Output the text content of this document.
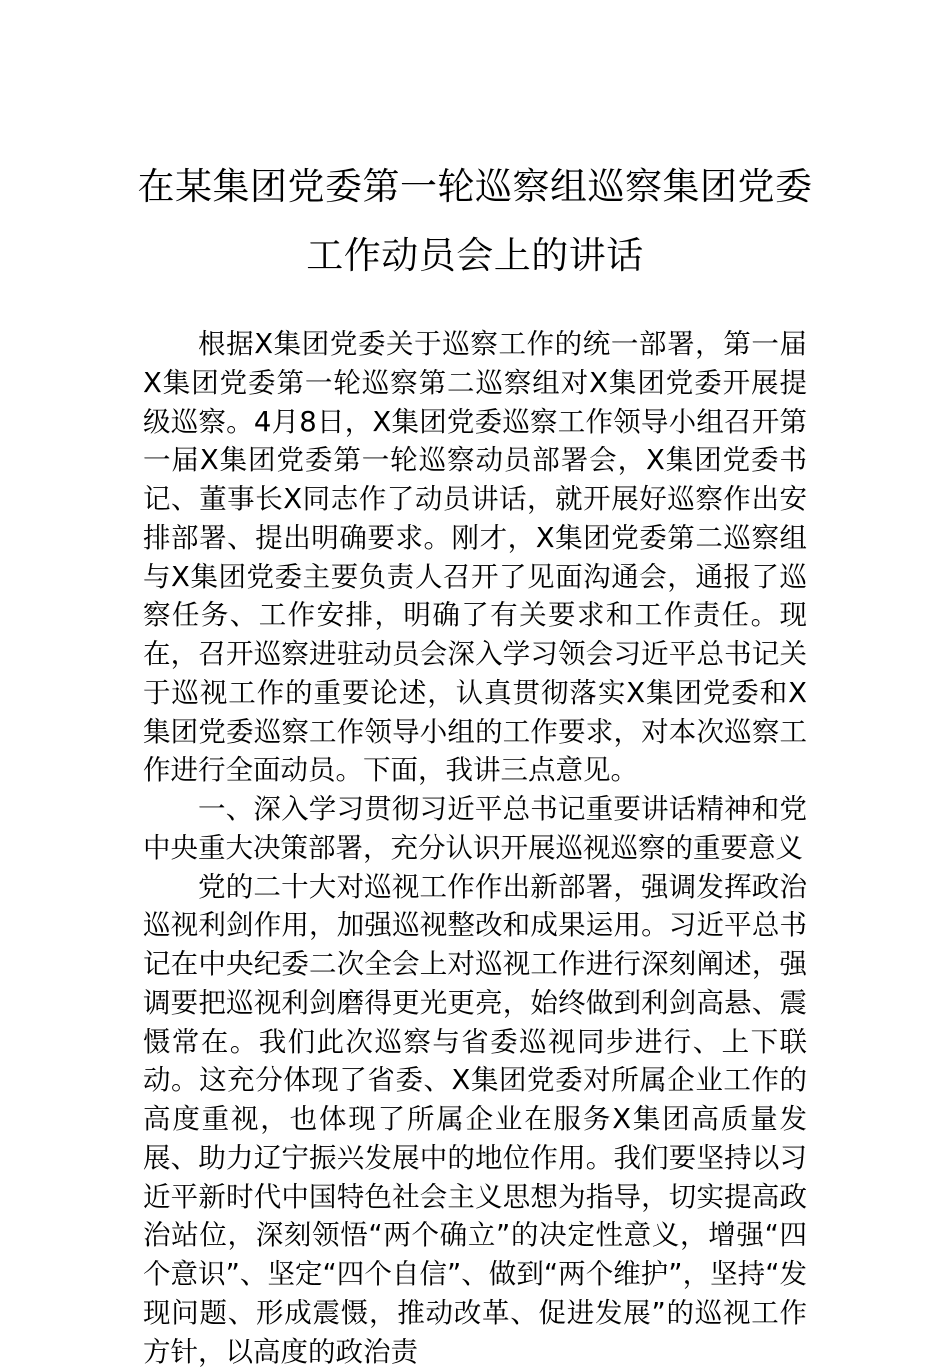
在某集团党委第一轮巡察组巡察集团党委
工作动员会上的讲话

根据X集团党委关于巡察工作的统一部署，第一届X集团党委第一轮巡察第二巡察组对X集团党委开展提级巡察。4月8日，X集团党委巡察工作领导小组召开第一届X集团党委第一轮巡察动员部署会，X集团党委书记、董事长X同志作了动员讲话，就开展好巡察作出安排部署、提出明确要求。刚才，X集团党委第二巡察组与X集团党委主要负责人召开了见面沟通会，通报了巡察任务、工作安排，明确了有关要求和工作责任。现在，召开巡察进驻动员会深入学习领会习近平总书记关于巡视工作的重要论述，认真贯彻落实X集团党委和X集团党委巡察工作领导小组的工作要求，对本次巡察工作进行全面动员。下面，我讲三点意见。

一、深入学习贯彻习近平总书记重要讲话精神和党中央重大决策部署，充分认识开展巡视巡察的重要意义

党的二十大对巡视工作作出新部署，强调发挥政治巡视利剑作用，加强巡视整改和成果运用。习近平总书记在中央纪委二次全会上对巡视工作进行深刻阐述，强调要把巡视利剑磨得更光更亮，始终做到利剑高悬、震慑常在。我们此次巡察与省委巡视同步进行、上下联动。这充分体现了省委、X集团党委对所属企业工作的高度重视，也体现了所属企业在服务X集团高质量发展、助力辽宁振兴发展中的地位作用。我们要坚持以习近平新时代中国特色社会主义思想为指导，切实提高政治站位，深刻领悟“两个确立”的决定性意义，增强“四个意识”、坚定“四个自信”、做到“两个维护”，坚持“发现问题、形成震慑，推动改革、促进发展”的巡视工作方针，以高度的政治责
